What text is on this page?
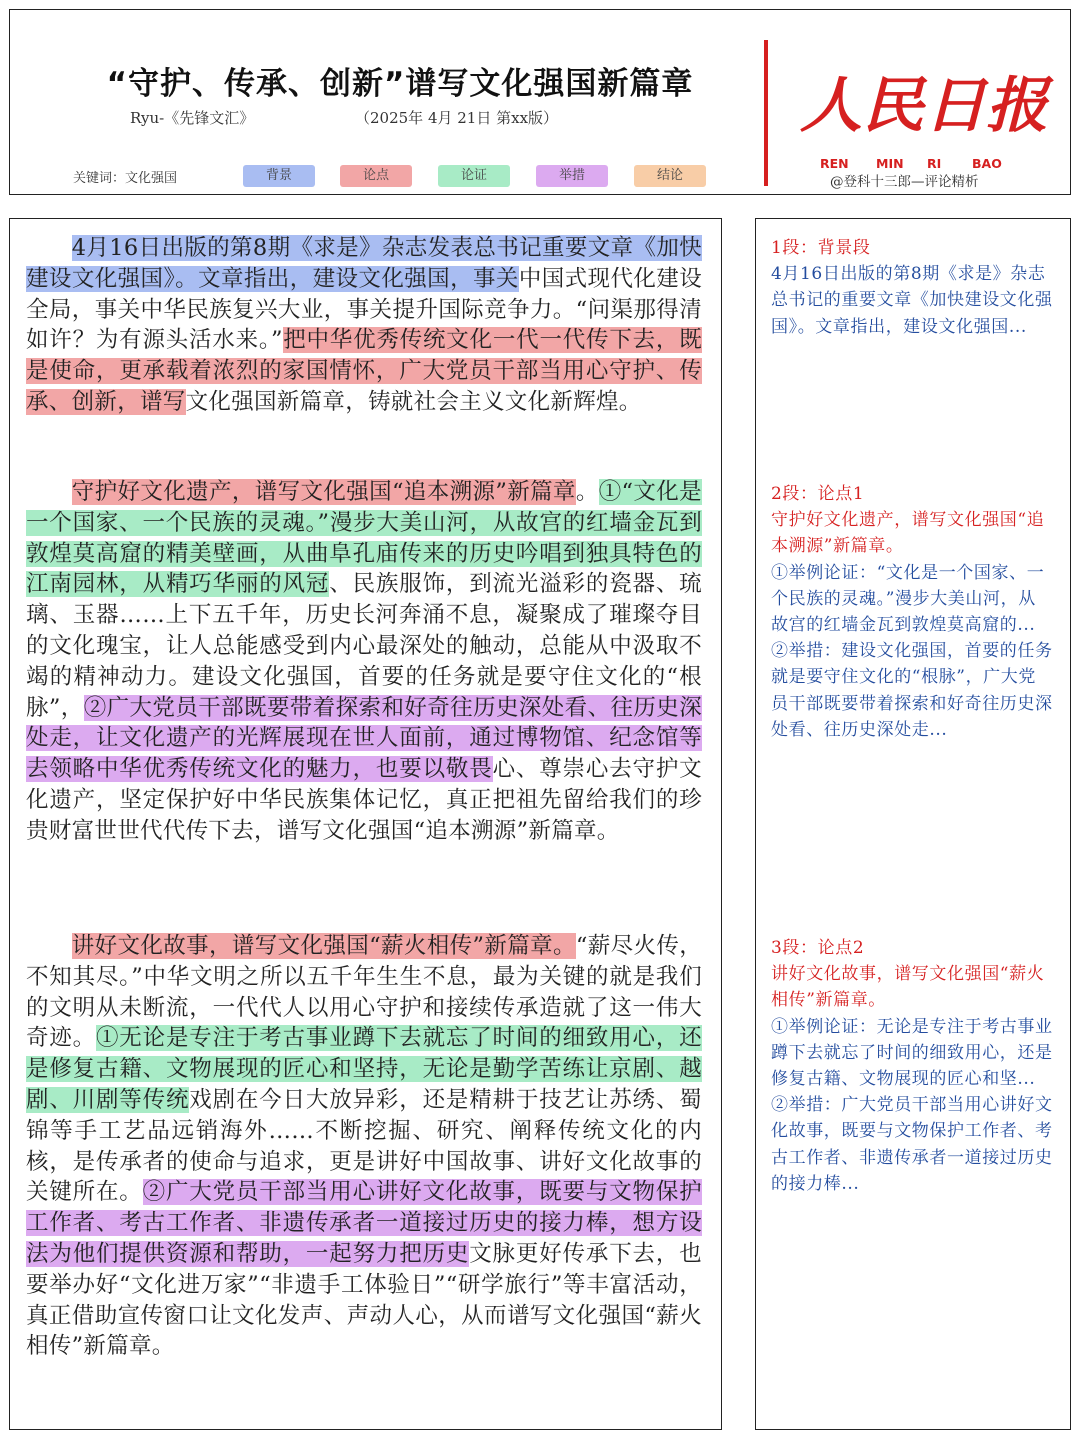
“守护、传承、创新”谱写文化强国新篇章
Ryu-《先锋文汇》	（2025年 4月 21日 第xx版）
关键词：文化强国	背景	论点	论证	举措	结论
人民日报
REN MIN RI BAO
@登科十三郎—评论精析
　　4月16日出版的第8期《求是》杂志发表总书记重要文章《加快建设文化强国》。文章指出，建设文化强国，事关中国式现代化建设全局，事关中华民族复兴大业，事关提升国际竞争力。“问渠那得清如许？为有源头活水来。”把中华优秀传统文化一代一代传下去，既是使命，更承载着浓烈的家国情怀，广大党员干部当用心守护、传承、创新，谱写文化强国新篇章，铸就社会主义文化新辉煌。
　　守护好文化遗产，谱写文化强国“追本溯源”新篇章。①“文化是一个国家、一个民族的灵魂。”漫步大美山河，从故宫的红墙金瓦到敦煌莫高窟的精美壁画，从曲阜孔庙传来的历史吟唱到独具特色的江南园林，从精巧华丽的风冠、民族服饰，到流光溢彩的瓷器、琉璃、玉器……上下五千年，历史长河奔涌不息，凝聚成了璀璨夺目的文化瑰宝，让人总能感受到内心最深处的触动，总能从中汲取不竭的精神动力。建设文化强国，首要的任务就是要守住文化的“根脉”，②广大党员干部既要带着探索和好奇往历史深处看、往历史深处走，让文化遗产的光辉展现在世人面前，通过博物馆、纪念馆等去领略中华优秀传统文化的魅力，也要以敬畏心、尊崇心去守护文化遗产，坚定保护好中华民族集体记忆，真正把祖先留给我们的珍贵财富世世代代传下去，谱写文化强国“追本溯源”新篇章。
　　讲好文化故事，谱写文化强国“薪火相传”新篇章。“薪尽火传，不知其尽。”中华文明之所以五千年生生不息，最为关键的就是我们的文明从未断流，一代代人以用心守护和接续传承造就了这一伟大奇迹。①无论是专注于考古事业蹲下去就忘了时间的细致用心，还是修复古籍、文物展现的匠心和坚持，无论是勤学苦练让京剧、越剧、川剧等传统戏剧在今日大放异彩，还是精耕于技艺让苏绣、蜀锦等手工艺品远销海外……不断挖掘、研究、阐释传统文化的内核，是传承者的使命与追求，更是讲好中国故事、讲好文化故事的关键所在。②广大党员干部当用心讲好文化故事，既要与文物保护工作者、考古工作者、非遗传承者一道接过历史的接力棒，想方设法为他们提供资源和帮助，一起努力把历史文脉更好传承下去，也要举办好“文化进万家”“非遗手工体验日”“研学旅行”等丰富活动，真正借助宣传窗口让文化发声、声动人心，从而谱写文化强国“薪火相传”新篇章。
1段：背景段
4月16日出版的第8期《求是》杂志总书记的重要文章《加快建设文化强国》。文章指出，建设文化强国...
2段：论点1
守护好文化遗产，谱写文化强国“追本溯源”新篇章。
①举例论证：“文化是一个国家、一个民族的灵魂。”漫步大美山河，从故宫的红墙金瓦到敦煌莫高窟的...
②举措：建设文化强国，首要的任务就是要守住文化的“根脉”，广大党员干部既要带着探索和好奇往历史深处看、往历史深处走...
3段：论点2
讲好文化故事，谱写文化强国“薪火相传”新篇章。
①举例论证：无论是专注于考古事业蹲下去就忘了时间的细致用心，还是修复古籍、文物展现的匠心和坚...
②举措：广大党员干部当用心讲好文化故事，既要与文物保护工作者、考古工作者、非遗传承者一道接过历史的接力棒...
